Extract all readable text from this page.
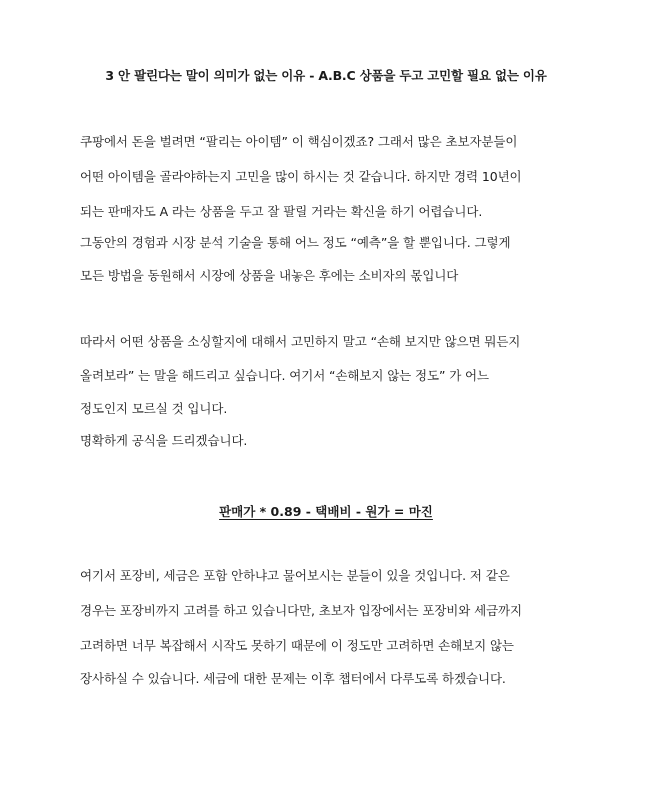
3 안 팔린다는 말이 의미가 없는 이유 - A.B.C 상품을 두고 고민할 필요 없는 이유
쿠팡에서 돈을 벌려면 “팔리는 아이템” 이 핵심이겠죠? 그래서 많은 초보자분들이
어떤 아이템을 골라야하는지 고민을 많이 하시는 것 같습니다. 하지만 경력 10년이
되는 판매자도 A 라는 상품을 두고 잘 팔릴 거라는 확신을 하기 어렵습니다.
그동안의 경험과 시장 분석 기술을 통해 어느 정도 “예측”을 할 뿐입니다. 그렇게
모든 방법을 동원해서 시장에 상품을 내놓은 후에는 소비자의 몫입니다
따라서 어떤 상품을 소싱할지에 대해서 고민하지 말고 “손해 보지만 않으면 뭐든지
올려보라” 는 말을 해드리고 싶습니다. 여기서 “손해보지 않는 정도” 가 어느
정도인지 모르실 것 입니다.
명확하게 공식을 드리겠습니다.
판매가 * 0.89 - 택배비 - 원가 = 마진
여기서 포장비, 세금은 포함 안하냐고 물어보시는 분들이 있을 것입니다. 저 같은
경우는 포장비까지 고려를 하고 있습니다만, 초보자 입장에서는 포장비와 세금까지
고려하면 너무 복잡해서 시작도 못하기 때문에 이 정도만 고려하면 손해보지 않는
장사하실 수 있습니다. 세금에 대한 문제는 이후 챕터에서 다루도록 하겠습니다.
